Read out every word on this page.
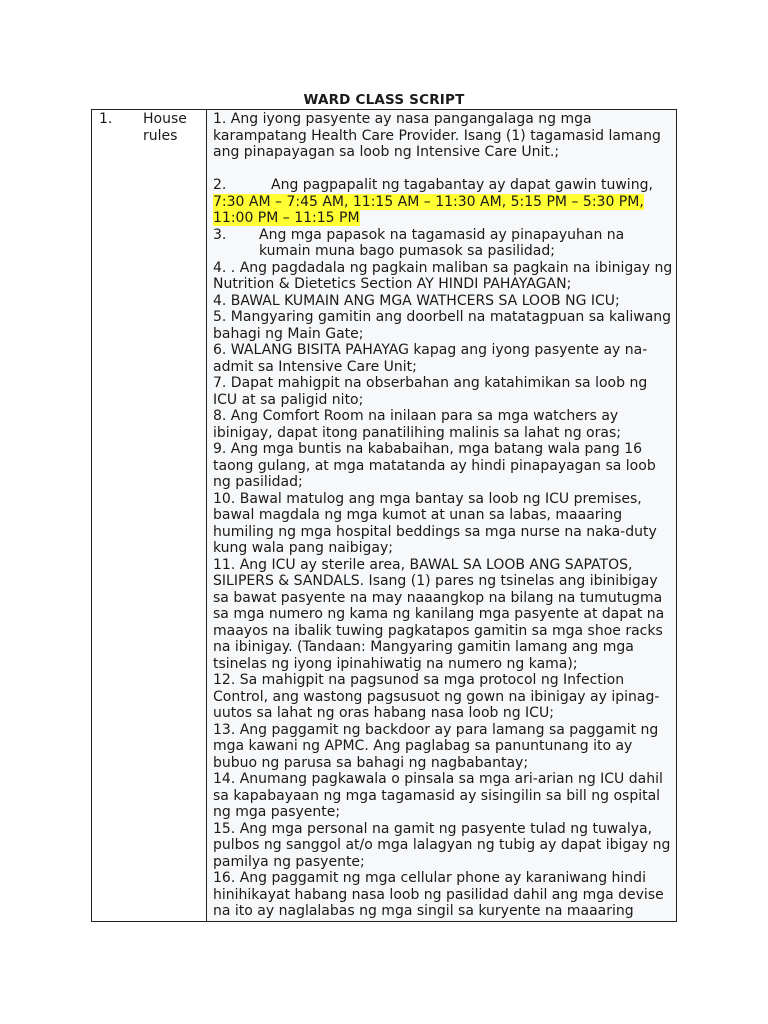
WARD CLASS SCRIPT
1. House rules
1. Ang iyong pasyente ay nasa pangangalaga ng mga karampatang Health Care Provider. Isang (1) tagamasid lamang ang pinapayagan sa loob ng Intensive Care Unit.;
2.	Ang pagpapalit ng tagabantay ay dapat gawin tuwing, 7:30 AM – 7:45 AM, 11:15 AM – 11:30 AM, 5:15 PM – 5:30 PM, 11:00 PM – 11:15 PM
3.	Ang mga papasok na tagamasid ay pinapayuhan na kumain muna bago pumasok sa pasilidad;
4. . Ang pagdadala ng pagkain maliban sa pagkain na ibinigay ng Nutrition & Dietetics Section AY HINDI PAHAYAGAN;
4. BAWAL KUMAIN ANG MGA WATHCERS SA LOOB NG ICU;
5. Mangyaring gamitin ang doorbell na matatagpuan sa kaliwang bahagi ng Main Gate;
6. WALANG BISITA PAHAYAG kapag ang iyong pasyente ay na-admit sa Intensive Care Unit;
7. Dapat mahigpit na obserbahan ang katahimikan sa loob ng ICU at sa paligid nito;
8. Ang Comfort Room na inilaan para sa mga watchers ay ibinigay, dapat itong panatilihing malinis sa lahat ng oras;
9. Ang mga buntis na kababaihan, mga batang wala pang 16 taong gulang, at mga matatanda ay hindi pinapayagan sa loob ng pasilidad;
10. Bawal matulog ang mga bantay sa loob ng ICU premises, bawal magdala ng mga kumot at unan sa labas, maaaring humiling ng mga hospital beddings sa mga nurse na naka-duty kung wala pang naibigay;
11. Ang ICU ay sterile area, BAWAL SA LOOB ANG SAPATOS, SILIPERS & SANDALS. Isang (1) pares ng tsinelas ang ibinibigay sa bawat pasyente na may naaangkop na bilang na tumutugma sa mga numero ng kama ng kanilang mga pasyente at dapat na maayos na ibalik tuwing pagkatapos gamitin sa mga shoe racks na ibinigay. (Tandaan: Mangyaring gamitin lamang ang mga tsinelas ng iyong ipinahiwatig na numero ng kama);
12. Sa mahigpit na pagsunod sa mga protocol ng Infection Control, ang wastong pagsusuot ng gown na ibinigay ay ipinag-uutos sa lahat ng oras habang nasa loob ng ICU;
13. Ang paggamit ng backdoor ay para lamang sa paggamit ng mga kawani ng APMC. Ang paglabag sa panuntunang ito ay bubuo ng parusa sa bahagi ng nagbabantay;
14. Anumang pagkawala o pinsala sa mga ari-arian ng ICU dahil sa kapabayaan ng mga tagamasid ay sisingilin sa bill ng ospital ng mga pasyente;
15. Ang mga personal na gamit ng pasyente tulad ng tuwalya, pulbos ng sanggol at/o mga lalagyan ng tubig ay dapat ibigay ng pamilya ng pasyente;
16. Ang paggamit ng mga cellular phone ay karaniwang hindi hinihikayat habang nasa loob ng pasilidad dahil ang mga devise na ito ay naglalabas ng mga singil sa kuryente na maaaring
